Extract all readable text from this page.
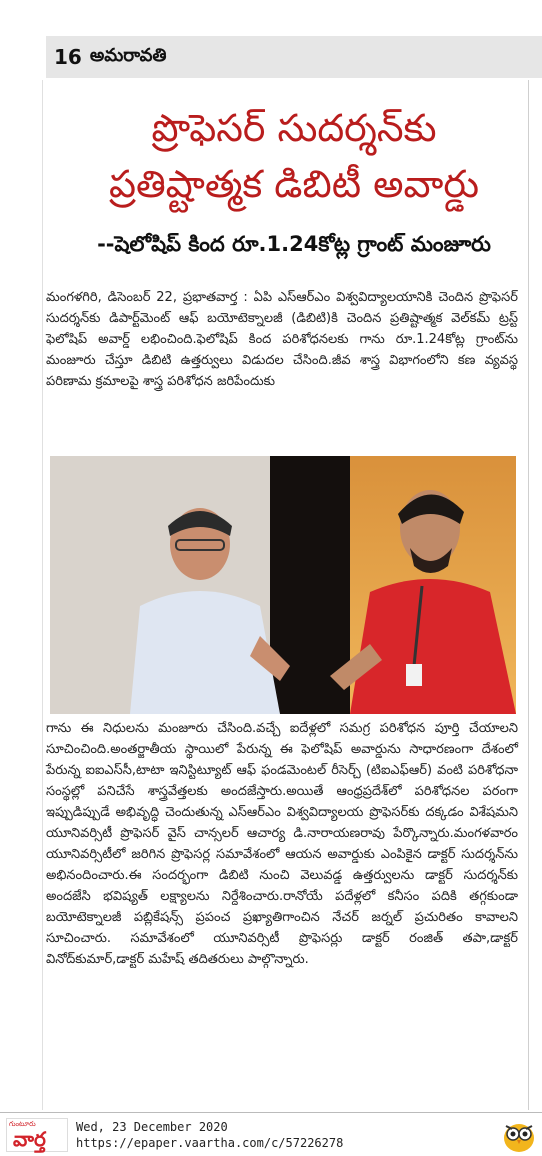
16 అమరావతి
ప్రొఫెసర్ సుదర్శన్‌కు
ప్రతిష్టాత్మక డిబిటీ అవార్డు
--షెలోషిప్ కింద రూ.1.24కోట్ల గ్రాంట్ మంజూరు
మంగళగిరి, డిసెంబర్ 22, ప్రభాతవార్త : ఏపి ఎస్ఆర్ఎం విశ్వవిద్యాలయానికి చెందిన ప్రొఫెసర్ సుదర్శన్‌కు డిపార్ట్‌మెంట్ ఆఫ్ బయోటెక్నాలజీ (డిబిటి)కి చెందిన ప్రతిష్టాత్మక వెల్‌కమ్ ట్రస్ట్ ఫెలోషిప్ అవార్డ్ లభించింది.ఫెలోషిప్ కింద పరిశోధనలకు గాను రూ.1.24కోట్ల గ్రాంట్‌ను మంజూరు చేస్తూ డిబిటి ఉత్తర్వులు విడుదల చేసింది.జీవ శాస్త్ర విభాగంలోని కణ వ్యవస్థ పరిణామ క్రమాలపై శాస్త్ర పరిశోధన జరిపేందుకు
గాను ఈ నిధులను మంజూరు చేసింది.వచ్చే ఐదేళ్లలో సమగ్ర పరిశోధన పూర్తి చేయాలని సూచించింది.అంతర్జాతీయ స్థాయిలో పేరున్న ఈ ఫెలోషిప్ అవార్డును సాధారణంగా దేశంలో పేరున్న ఐఐఎస్‌సీ,టాటా ఇనిస్టిట్యూట్ ఆఫ్ ఫండమెంటల్ రీసెర్చ్ (టిఐఎఫ్ఆర్) వంటి పరిశోధనా సంస్థల్లో పనిచేసే శాస్త్రవేత్తలకు అందజేస్తారు.అయితే ఆంధ్రప్రదేశ్‌లో పరిశోధనల పరంగా ఇప్పుడిప్పుడే అభివృద్ధి చెందుతున్న ఎస్ఆర్ఎం విశ్వవిద్యాలయ ప్రొఫెసర్‌కు దక్కడం విశేషమని యూనివర్సిటీ ప్రొఫెసర్ వైస్ చాన్సలర్ ఆచార్య డి.నారాయణరావు పేర్కొన్నారు.మంగళవారం యూనివర్సిటీలో జరిగిన ప్రొఫెసర్ల సమావేశంలో ఆయన అవార్డుకు ఎంపికైన డాక్టర్ సుదర్శన్‌ను అభినందించారు.ఈ సందర్భంగా డిబిటి నుంచి వెలువడ్డ ఉత్తర్వులను డాక్టర్ సుదర్శన్‌కు అందజేసి భవిష్యత్ లక్ష్యాలను నిర్దేశించారు.రానోయే పదేళ్లలో కనీసం పదికి తగ్గకుండా బయోటెక్నాలజీ పబ్లికేషన్స్ ప్రపంచ ప్రఖ్యాతిగాంచిన నేచర్ జర్నల్ ప్రచురితం కావాలని సూచించారు. సమావేశంలో యూనివర్సిటీ ప్రొఫెసర్లు డాక్టర్ రంజిత్ తపా,డాక్టర్ వినోద్‌కుమార్,డాక్టర్ మహేష్ తదితరులు పాల్గొన్నారు.
గుంటూరు
వార్త	Wed, 23 December 2020
https://epaper.vaartha.com/c/57226278
